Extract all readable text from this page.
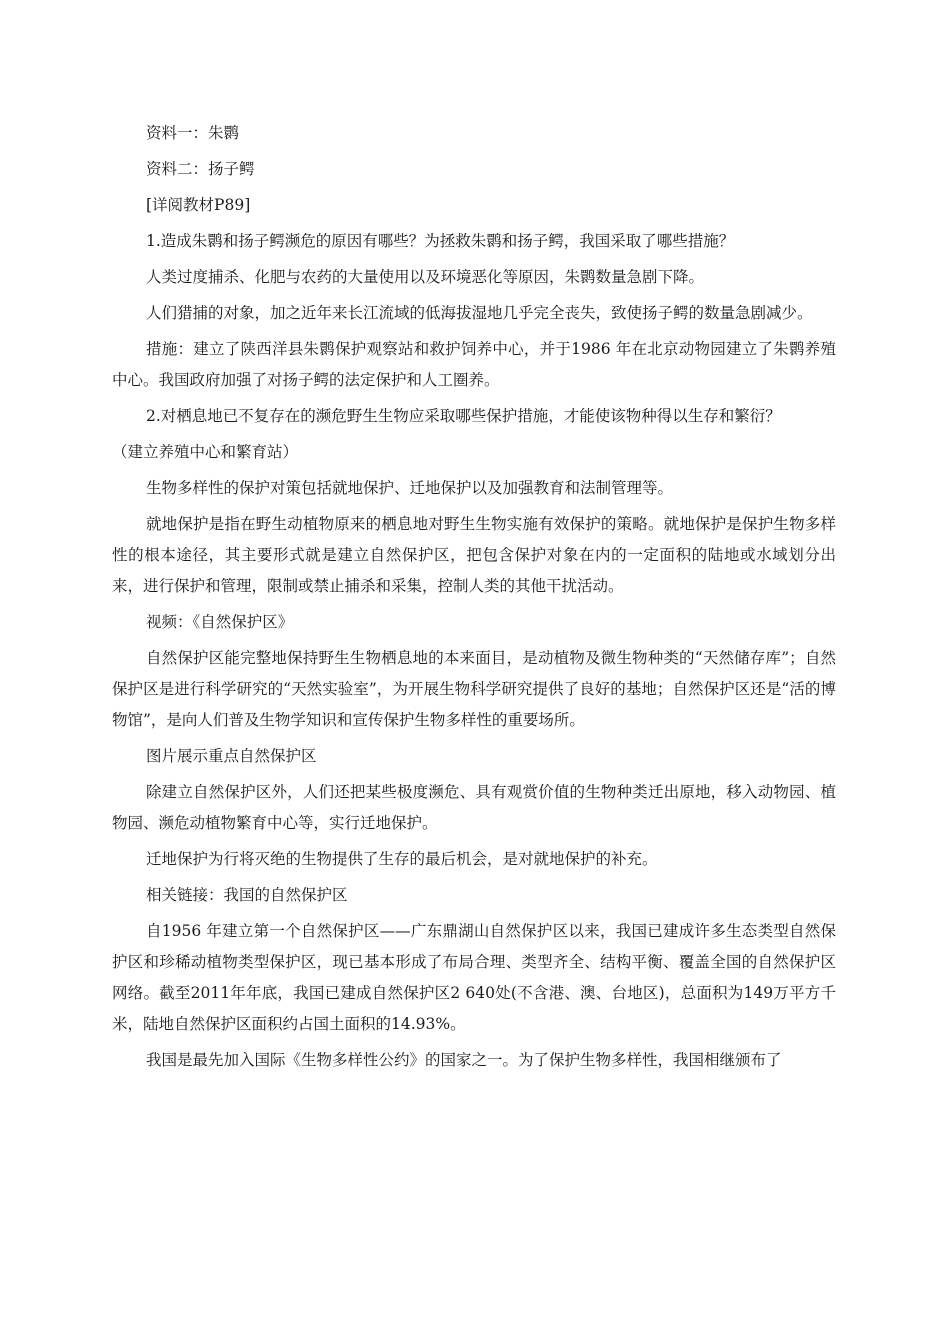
资料一：朱鹮

资料二：扬子鳄

[详阅教材P89]

1.造成朱鹮和扬子鳄濒危的原因有哪些？为拯救朱鹮和扬子鳄，我国采取了哪些措施？

人类过度捕杀、化肥与农药的大量使用以及环境恶化等原因，朱鹮数量急剧下降。

人们猎捕的对象，加之近年来长江流域的低海拔湿地几乎完全丧失，致使扬子鳄的数量急剧减少。

措施：建立了陕西洋县朱鹮保护观察站和救护饲养中心，并于1986 年在北京动物园建立了朱鹮养殖中心。我国政府加强了对扬子鳄的法定保护和人工圈养。

2.对栖息地已不复存在的濒危野生生物应采取哪些保护措施，才能使该物种得以生存和繁衍？

（建立养殖中心和繁育站）

生物多样性的保护对策包括就地保护、迁地保护以及加强教育和法制管理等。

就地保护是指在野生动植物原来的栖息地对野生生物实施有效保护的策略。就地保护是保护生物多样性的根本途径，其主要形式就是建立自然保护区，把包含保护对象在内的一定面积的陆地或水域划分出来，进行保护和管理，限制或禁止捕杀和采集，控制人类的其他干扰活动。

视频：《自然保护区》

自然保护区能完整地保持野生生物栖息地的本来面目，是动植物及微生物种类的“天然储存库”；自然保护区是进行科学研究的“天然实验室”，为开展生物科学研究提供了良好的基地；自然保护区还是“活的博物馆”，是向人们普及生物学知识和宣传保护生物多样性的重要场所。

图片展示重点自然保护区

除建立自然保护区外，人们还把某些极度濒危、具有观赏价值的生物种类迁出原地，移入动物园、植物园、濒危动植物繁育中心等，实行迁地保护。

迁地保护为行将灭绝的生物提供了生存的最后机会，是对就地保护的补充。

相关链接：我国的自然保护区

自1956 年建立第一个自然保护区——广东鼎湖山自然保护区以来，我国已建成许多生态类型自然保护区和珍稀动植物类型保护区，现已基本形成了布局合理、类型齐全、结构平衡、覆盖全国的自然保护区网络。截至2011年年底，我国已建成自然保护区2 640处(不含港、澳、台地区)，总面积为149万平方千米，陆地自然保护区面积约占国土面积的14.93%。

我国是最先加入国际《生物多样性公约》的国家之一。为了保护生物多样性，我国相继颁布了
